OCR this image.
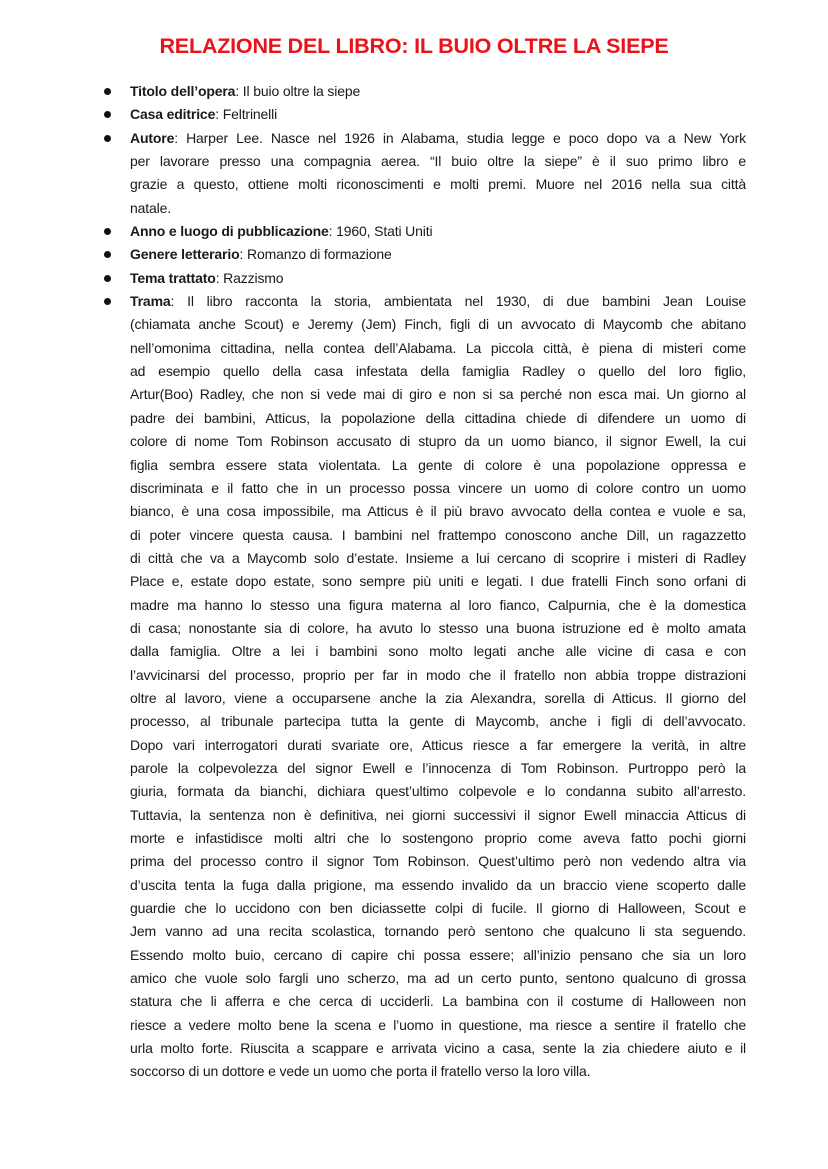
RELAZIONE DEL LIBRO: IL BUIO OLTRE LA SIEPE
Titolo dell’opera: Il buio oltre la siepe
Casa editrice: Feltrinelli
Autore: Harper Lee. Nasce nel 1926 in Alabama, studia legge e poco dopo va a New York
per lavorare presso una compagnia aerea. “Il buio oltre la siepe” è il suo primo libro e
grazie a questo, ottiene molti riconoscimenti e molti premi. Muore nel 2016 nella sua città
natale.
Anno e luogo di pubblicazione: 1960, Stati Uniti
Genere letterario: Romanzo di formazione
Tema trattato: Razzismo
Trama: Il libro racconta la storia, ambientata nel 1930, di due bambini Jean Louise
(chiamata anche Scout) e Jeremy (Jem) Finch, figli di un avvocato di Maycomb che abitano
nell’omonima cittadina, nella contea dell’Alabama. La piccola città, è piena di misteri come
ad esempio quello della casa infestata della famiglia Radley o quello del loro figlio,
Artur(Boo) Radley, che non si vede mai di giro e non si sa perché non esca mai. Un giorno al
padre dei bambini, Atticus, la popolazione della cittadina chiede di difendere un uomo di
colore di nome Tom Robinson accusato di stupro da un uomo bianco, il signor Ewell, la cui
figlia sembra essere stata violentata. La gente di colore è una popolazione oppressa e
discriminata e il fatto che in un processo possa vincere un uomo di colore contro un uomo
bianco, è una cosa impossibile, ma Atticus è il più bravo avvocato della contea e vuole e sa,
di poter vincere questa causa. I bambini nel frattempo conoscono anche Dill, un ragazzetto
di città che va a Maycomb solo d’estate. Insieme a lui cercano di scoprire i misteri di Radley
Place e, estate dopo estate, sono sempre più uniti e legati. I due fratelli Finch sono orfani di
madre ma hanno lo stesso una figura materna al loro fianco, Calpurnia, che è la domestica
di casa; nonostante sia di colore, ha avuto lo stesso una buona istruzione ed è molto amata
dalla famiglia. Oltre a lei i bambini sono molto legati anche alle vicine di casa e con
l’avvicinarsi del processo, proprio per far in modo che il fratello non abbia troppe distrazioni
oltre al lavoro, viene a occuparsene anche la zia Alexandra, sorella di Atticus. Il giorno del
processo, al tribunale partecipa tutta la gente di Maycomb, anche i figli di dell’avvocato.
Dopo vari interrogatori durati svariate ore, Atticus riesce a far emergere la verità, in altre
parole la colpevolezza del signor Ewell e l’innocenza di Tom Robinson. Purtroppo però la
giuria, formata da bianchi, dichiara quest’ultimo colpevole e lo condanna subito all’arresto.
Tuttavia, la sentenza non è definitiva, nei giorni successivi il signor Ewell minaccia Atticus di
morte e infastidisce molti altri che lo sostengono proprio come aveva fatto pochi giorni
prima del processo contro il signor Tom Robinson. Quest’ultimo però non vedendo altra via
d’uscita tenta la fuga dalla prigione, ma essendo invalido da un braccio viene scoperto dalle
guardie che lo uccidono con ben diciassette colpi di fucile. Il giorno di Halloween, Scout e
Jem vanno ad una recita scolastica, tornando però sentono che qualcuno li sta seguendo.
Essendo molto buio, cercano di capire chi possa essere; all’inizio pensano che sia un loro
amico che vuole solo fargli uno scherzo, ma ad un certo punto, sentono qualcuno di grossa
statura che li afferra e che cerca di ucciderli. La bambina con il costume di Halloween non
riesce a vedere molto bene la scena e l’uomo in questione, ma riesce a sentire il fratello che
urla molto forte. Riuscita a scappare e arrivata vicino a casa, sente la zia chiedere aiuto e il
soccorso di un dottore e vede un uomo che porta il fratello verso la loro villa.
